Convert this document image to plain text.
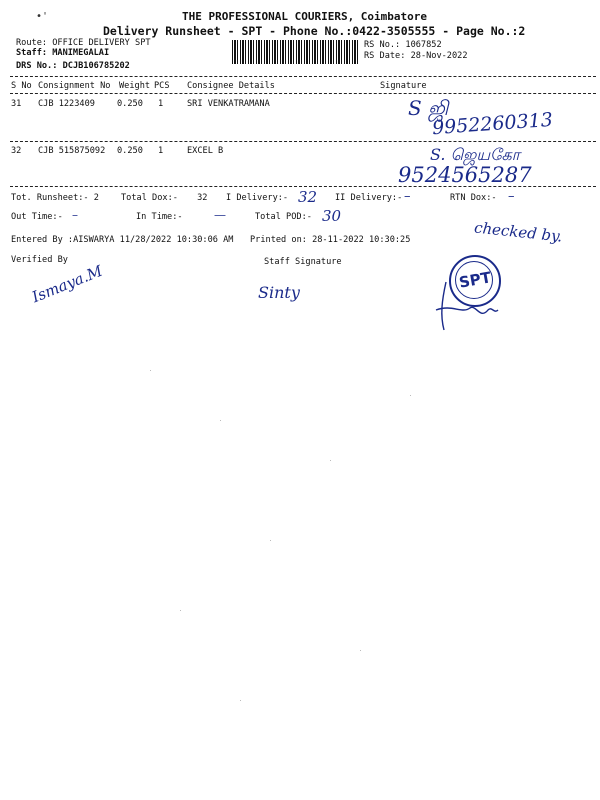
•'	THE PROFESSIONAL COURIERS, Coimbatore
Delivery Runsheet - SPT - Phone No.:0422-3505555 - Page No.:2
Route: OFFICE DELIVERY SPT
Staff: MANIMEGALAI
DRS No.: DCJB106785202
RS No.: 1067852
RS Date: 28-Nov-2022
S No Consignment No Weight PCS Consignee Details	Signature
31 CJB 1223409	0.250 1	SRI VENKATRAMANA	S ஜி
9952260313
32 CJB 515875092 0.250 1	EXCEL B	S. ஜெயகோ
9524565287
Tot. Runsheet:- 2	Total Dox:- 32 I Delivery:- 32 II Delivery:- –	RTN Dox:- –
Out Time:- –	In Time:-	—	Total POD:- 30
Entered By :AISWARYA 11/28/2022 10:30:06 AM Printed on: 28-11-2022 10:30:25	checked by.
Verified By	Staff Signature
Ismaya.M	Sinty
SPT
